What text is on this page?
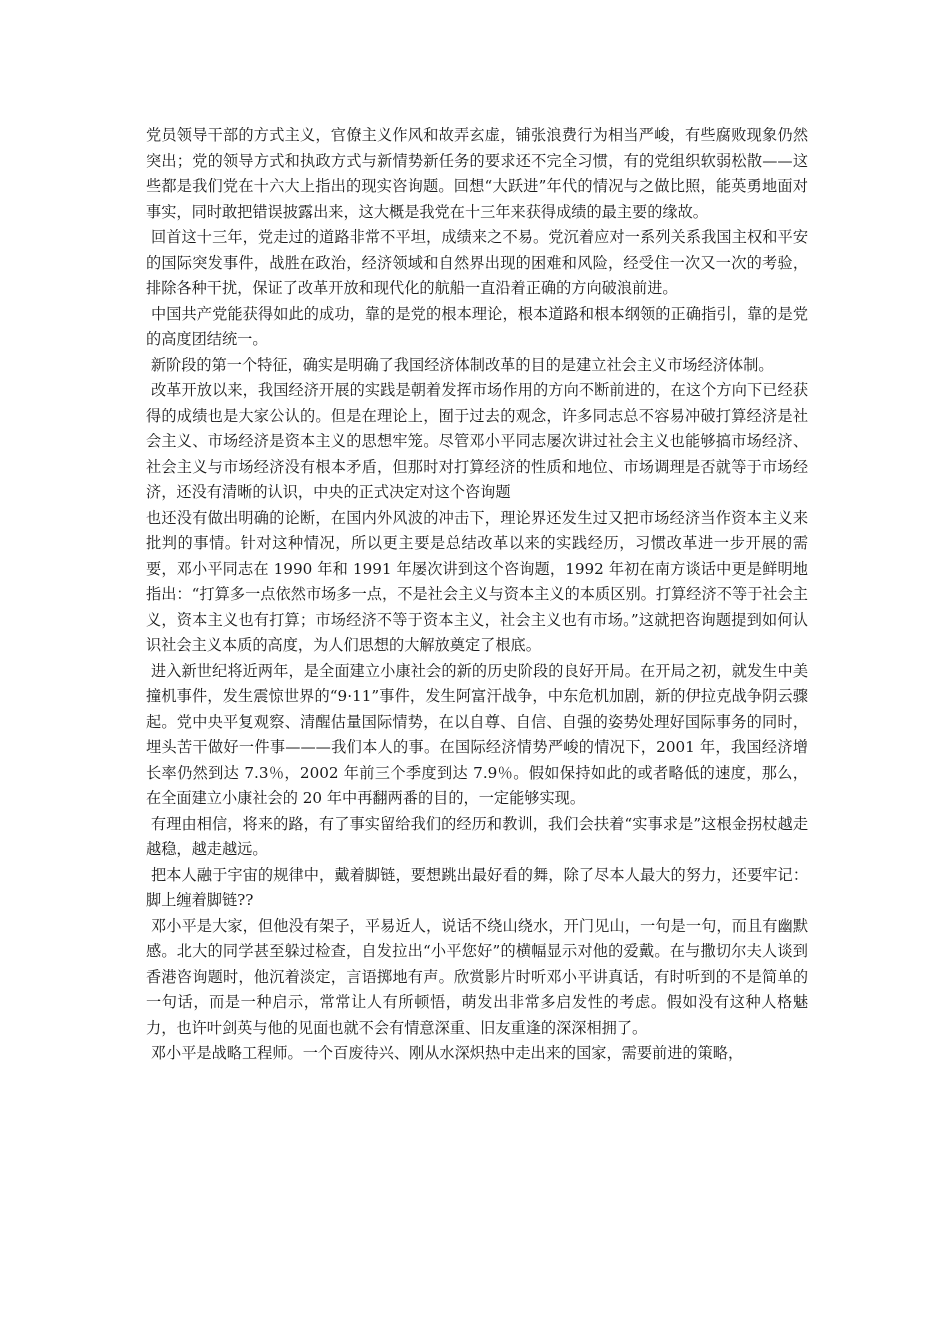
党员领导干部的方式主义，官僚主义作风和故弄玄虚，铺张浪费行为相当严峻，有些腐败现象仍然突出；党的领导方式和执政方式与新情势新任务的要求还不完全习惯，有的党组织软弱松散——这些都是我们党在十六大上指出的现实咨询题。回想“大跃进”年代的情况与之做比照，能英勇地面对事实，同时敢把错误披露出来，这大概是我党在十三年来获得成绩的最主要的缘故。

回首这十三年，党走过的道路非常不平坦，成绩来之不易。党沉着应对一系列关系我国主权和平安的国际突发事件，战胜在政治，经济领域和自然界出现的困难和风险，经受住一次又一次的考验，排除各种干扰，保证了改革开放和现代化的航船一直沿着正确的方向破浪前进。

中国共产党能获得如此的成功，靠的是党的根本理论，根本道路和根本纲领的正确指引，靠的是党的高度团结统一。

新阶段的第一个特征，确实是明确了我国经济体制改革的目的是建立社会主义市场经济体制。

改革开放以来，我国经济开展的实践是朝着发挥市场作用的方向不断前进的，在这个方向下已经获得的成绩也是大家公认的。但是在理论上，囿于过去的观念，许多同志总不容易冲破打算经济是社会主义、市场经济是资本主义的思想牢笼。尽管邓小平同志屡次讲过社会主义也能够搞市场经济、社会主义与市场经济没有根本矛盾，但那时对打算经济的性质和地位、市场调理是否就等于市场经济，还没有清晰的认识，中央的正式决定对这个咨询题

也还没有做出明确的论断，在国内外风波的冲击下，理论界还发生过又把市场经济当作资本主义来批判的事情。针对这种情况，所以更主要是总结改革以来的实践经历，习惯改革进一步开展的需要，邓小平同志在 1990 年和 1991 年屡次讲到这个咨询题，1992 年初在南方谈话中更是鲜明地指出：“打算多一点依然市场多一点，不是社会主义与资本主义的本质区别。打算经济不等于社会主义，资本主义也有打算；市场经济不等于资本主义，社会主义也有市场。”这就把咨询题提到如何认识社会主义本质的高度，为人们思想的大解放奠定了根底。

进入新世纪将近两年，是全面建立小康社会的新的历史阶段的良好开局。在开局之初，就发生中美撞机事件，发生震惊世界的“9·11”事件，发生阿富汗战争，中东危机加剧，新的伊拉克战争阴云骤起。党中央平复观察、清醒估量国际情势，在以自尊、自信、自强的姿势处理好国际事务的同时，埋头苦干做好一件事———我们本人的事。在国际经济情势严峻的情况下，2001 年，我国经济增长率仍然到达 7.3％，2002 年前三个季度到达 7.9％。假如保持如此的或者略低的速度，那么，在全面建立小康社会的 20 年中再翻两番的目的，一定能够实现。

有理由相信，将来的路，有了事实留给我们的经历和教训，我们会扶着“实事求是”这根金拐杖越走越稳，越走越远。

把本人融于宇宙的规律中，戴着脚链，要想跳出最好看的舞，除了尽本人最大的努力，还要牢记：脚上缠着脚链??

邓小平是大家，但他没有架子，平易近人，说话不绕山绕水，开门见山，一句是一句，而且有幽默感。北大的同学甚至躲过检查，自发拉出“小平您好”的横幅显示对他的爱戴。在与撒切尔夫人谈到香港咨询题时，他沉着淡定，言语掷地有声。欣赏影片时听邓小平讲真话，有时听到的不是简单的一句话，而是一种启示，常常让人有所顿悟，萌发出非常多启发性的考虑。假如没有这种人格魅力，也许叶剑英与他的见面也就不会有情意深重、旧友重逢的深深相拥了。

邓小平是战略工程师。一个百废待兴、刚从水深炽热中走出来的国家，需要前进的策略，
